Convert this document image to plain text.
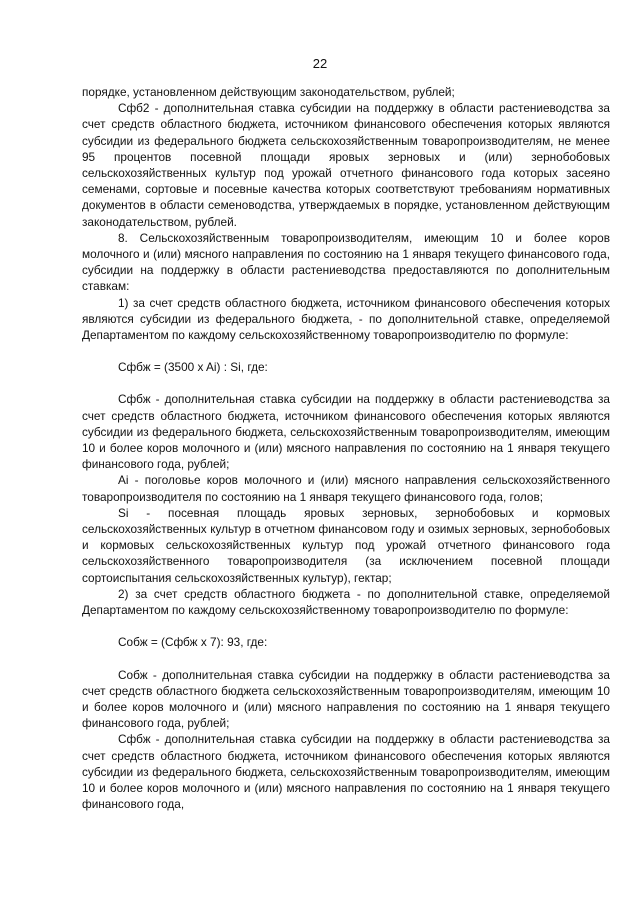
22

порядке, установленном действующим законодательством, рублей;

Сфб2 - дополнительная ставка субсидии на поддержку в области растениеводства за счет средств областного бюджета, источником финансового обеспечения которых являются субсидии из федерального бюджета сельскохозяйственным товаропроизводителям, не менее 95 процентов посевной площади яровых зерновых и (или) зернобобовых сельскохозяйственных культур под урожай отчетного финансового года которых засеяно семенами, сортовые и посевные качества которых соответствуют требованиям нормативных документов в области семеноводства, утверждаемых в порядке, установленном действующим законодательством, рублей.

8. Сельскохозяйственным товаропроизводителям, имеющим 10 и более коров молочного и (или) мясного направления по состоянию на 1 января текущего финансового года, субсидии на поддержку в области растениеводства предоставляются по дополнительным ставкам:

1) за счет средств областного бюджета, источником финансового обеспечения которых являются субсидии из федерального бюджета, - по дополнительной ставке, определяемой Департаментом по каждому сельскохозяйственному товаропроизводителю по формуле:

Сфбж = (3500 x Ai) : Si, где:

Сфбж - дополнительная ставка субсидии на поддержку в области растениеводства за счет средств областного бюджета, источником финансового обеспечения которых являются субсидии из федерального бюджета, сельскохозяйственным товаропроизводителям, имеющим 10 и более коров молочного и (или) мясного направления по состоянию на 1 января текущего финансового года, рублей;

Ai - поголовье коров молочного и (или) мясного направления сельскохозяйственного товаропроизводителя по состоянию на 1 января текущего финансового года, голов;

Si - посевная площадь яровых зерновых, зернобобовых и кормовых сельскохозяйственных культур в отчетном финансовом году и озимых зерновых, зернобобовых и кормовых сельскохозяйственных культур под урожай отчетного финансового года сельскохозяйственного товаропроизводителя (за исключением посевной площади сортоиспытания сельскохозяйственных культур), гектар;

2) за счет средств областного бюджета - по дополнительной ставке, определяемой Департаментом по каждому сельскохозяйственному товаропроизводителю по формуле:

Собж = (Сфбж x 7): 93, где:

Собж - дополнительная ставка субсидии на поддержку в области растениеводства за счет средств областного бюджета сельскохозяйственным товаропроизводителям, имеющим 10 и более коров молочного и (или) мясного направления по состоянию на 1 января текущего финансового года, рублей;

Сфбж - дополнительная ставка субсидии на поддержку в области растениеводства за счет средств областного бюджета, источником финансового обеспечения которых являются субсидии из федерального бюджета, сельскохозяйственным товаропроизводителям, имеющим 10 и более коров молочного и (или) мясного направления по состоянию на 1 января текущего финансового года,
